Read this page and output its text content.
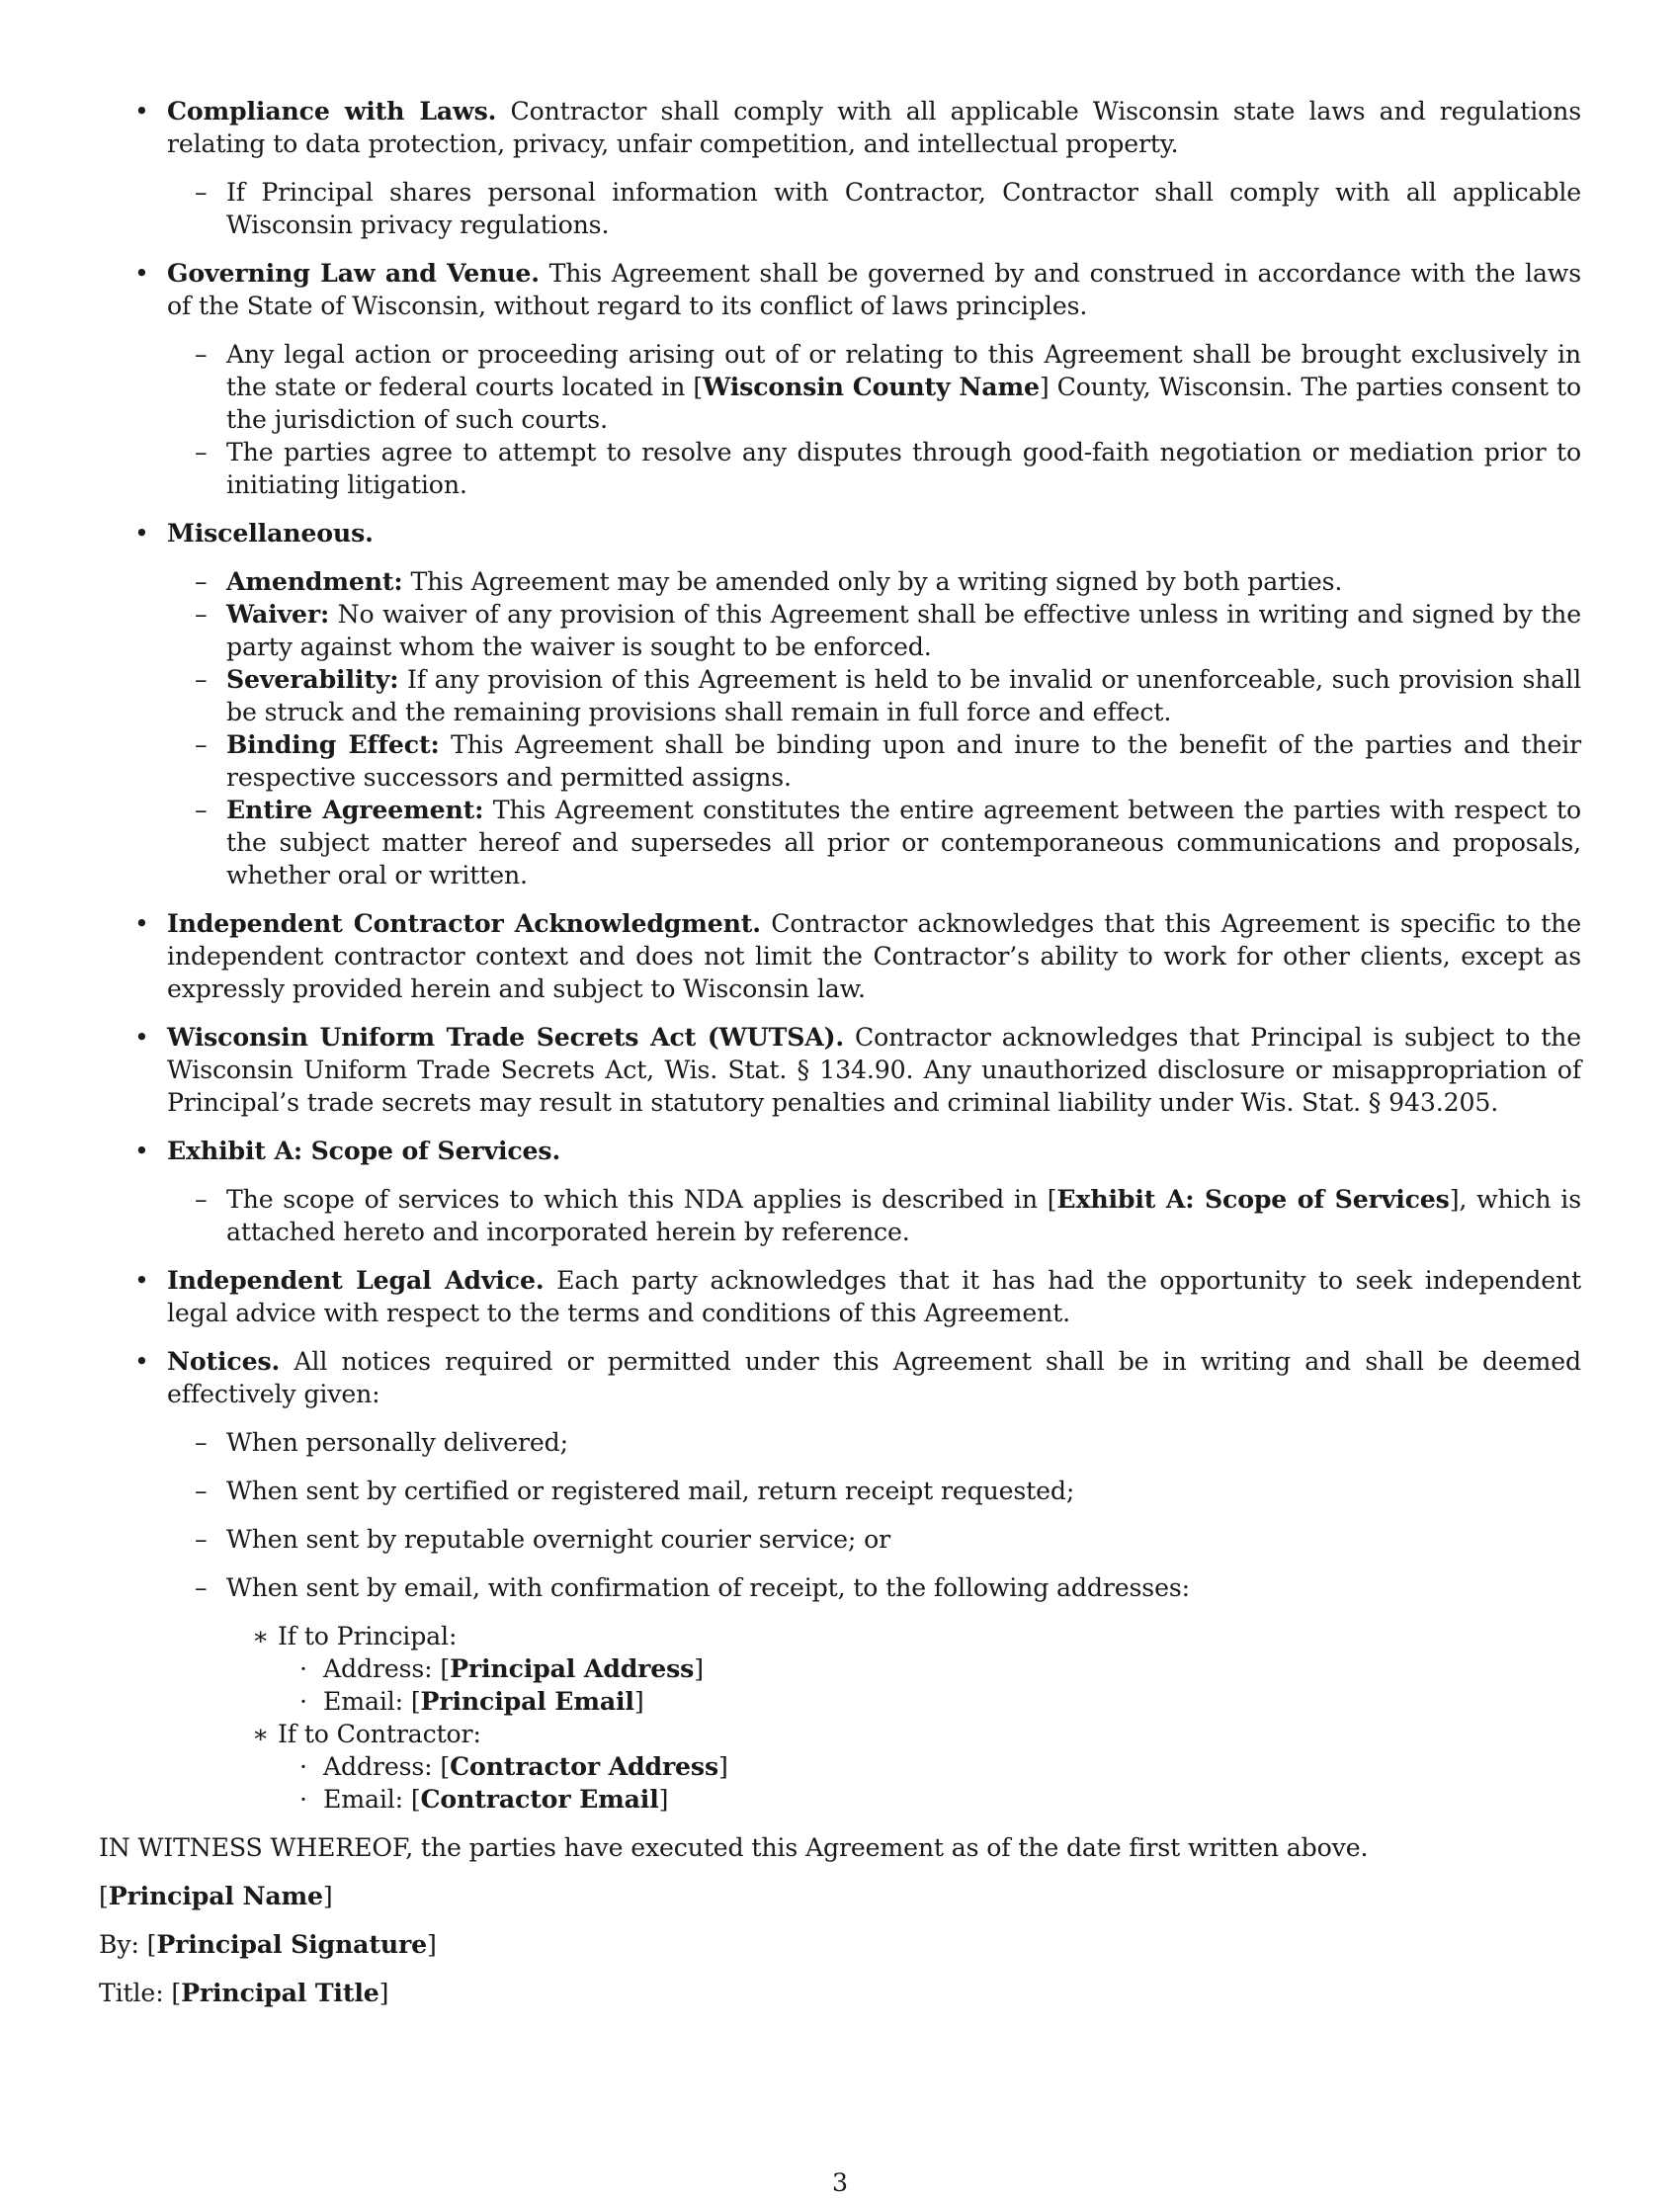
• Compliance with Laws. Contractor shall comply with all applicable Wisconsin state laws and regulations relating to data protection, privacy, unfair competition, and intellectual property.
– If Principal shares personal information with Contractor, Contractor shall comply with all applicable Wisconsin privacy regulations.
• Governing Law and Venue. This Agreement shall be governed by and construed in accordance with the laws of the State of Wisconsin, without regard to its conflict of laws principles.
– Any legal action or proceeding arising out of or relating to this Agreement shall be brought exclusively in the state or federal courts located in [Wisconsin County Name] County, Wisconsin. The parties consent to the jurisdiction of such courts.
– The parties agree to attempt to resolve any disputes through good-faith negotiation or mediation prior to initiating litigation.
• Miscellaneous.
– Amendment: This Agreement may be amended only by a writing signed by both parties.
– Waiver: No waiver of any provision of this Agreement shall be effective unless in writing and signed by the party against whom the waiver is sought to be enforced.
– Severability: If any provision of this Agreement is held to be invalid or unenforceable, such provision shall be struck and the remaining provisions shall remain in full force and effect.
– Binding Effect: This Agreement shall be binding upon and inure to the benefit of the parties and their respective successors and permitted assigns.
– Entire Agreement: This Agreement constitutes the entire agreement between the parties with respect to the subject matter hereof and supersedes all prior or contemporaneous communications and proposals, whether oral or written.
• Independent Contractor Acknowledgment. Contractor acknowledges that this Agreement is specific to the independent contractor context and does not limit the Contractor’s ability to work for other clients, except as expressly provided herein and subject to Wisconsin law.
• Wisconsin Uniform Trade Secrets Act (WUTSA). Contractor acknowledges that Principal is subject to the Wisconsin Uniform Trade Secrets Act, Wis. Stat. § 134.90. Any unauthorized disclosure or misappropriation of Principal’s trade secrets may result in statutory penalties and criminal liability under Wis. Stat. § 943.205.
• Exhibit A: Scope of Services.
– The scope of services to which this NDA applies is described in [Exhibit A: Scope of Services], which is attached hereto and incorporated herein by reference.
• Independent Legal Advice. Each party acknowledges that it has had the opportunity to seek independent legal advice with respect to the terms and conditions of this Agreement.
• Notices. All notices required or permitted under this Agreement shall be in writing and shall be deemed effectively given:
– When personally delivered;
– When sent by certified or registered mail, return receipt requested;
– When sent by reputable overnight courier service; or
– When sent by email, with confirmation of receipt, to the following addresses:
∗ If to Principal:
· Address: [Principal Address]
· Email: [Principal Email]
∗ If to Contractor:
· Address: [Contractor Address]
· Email: [Contractor Email]

IN WITNESS WHEREOF, the parties have executed this Agreement as of the date first written above.

[Principal Name]

By: [Principal Signature]

Title: [Principal Title]

3
